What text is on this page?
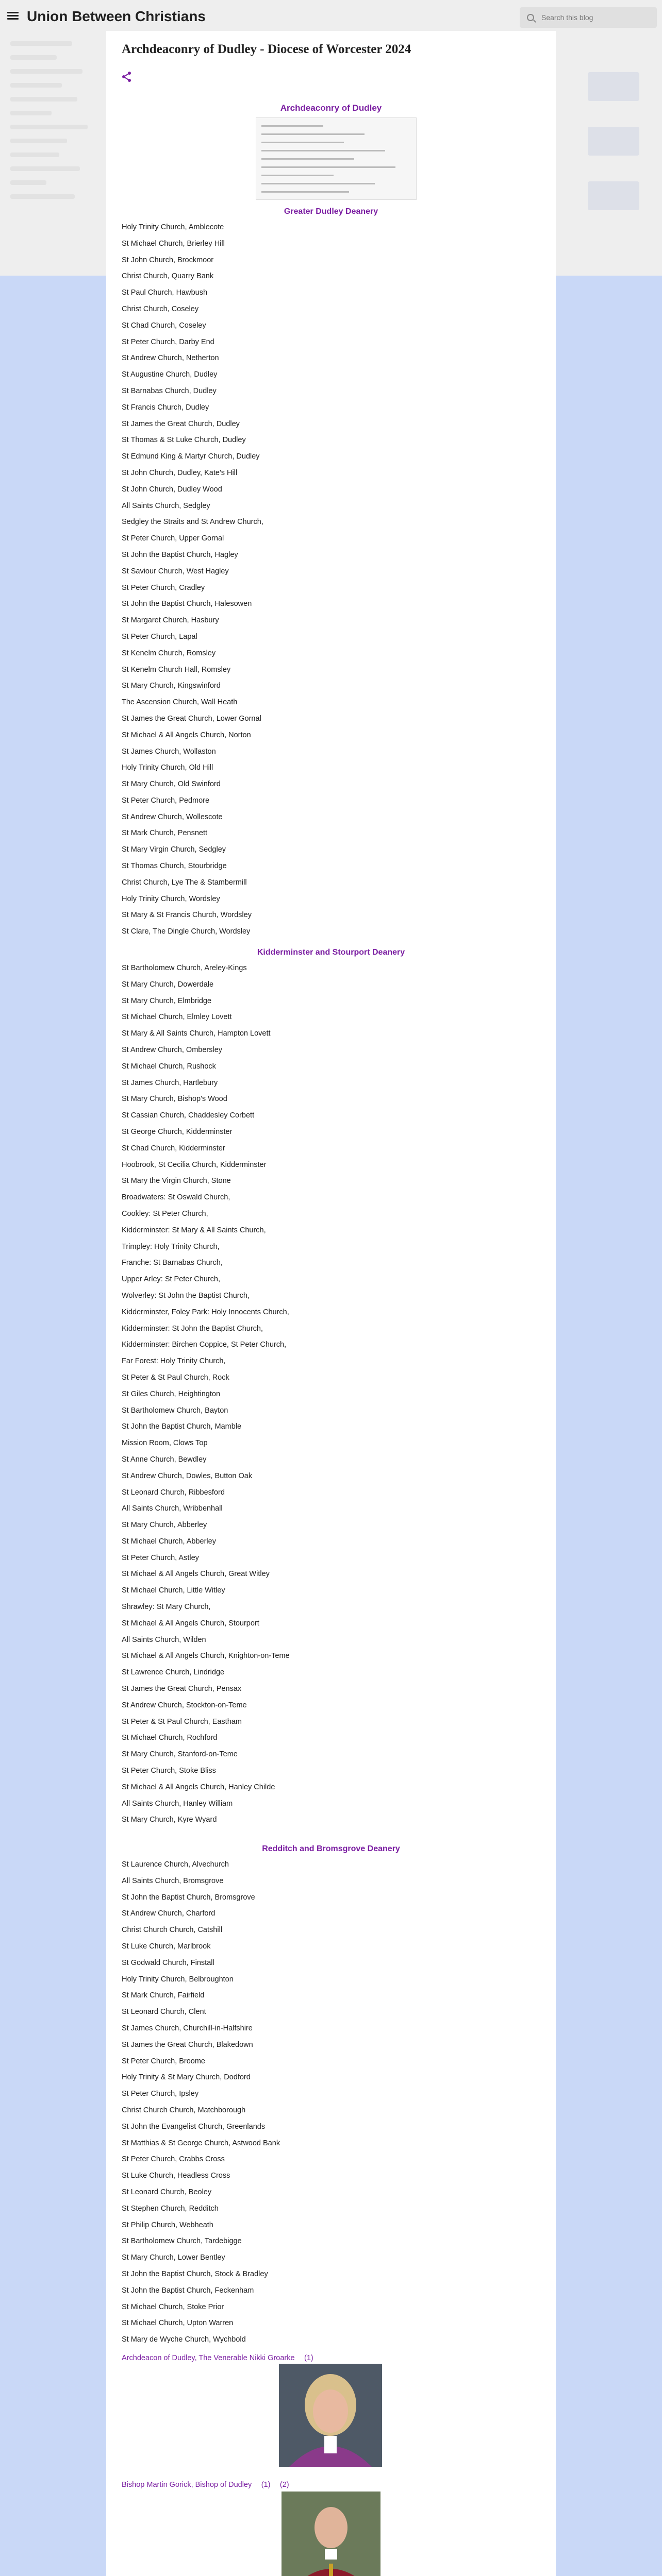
Union Between Christians
Search this blog
Archdeaconry of Dudley - Diocese of Worcester 2024
Archdeaconry of Dudley
Greater Dudley Deanery
Holy Trinity Church, Amblecote
St Michael Church, Brierley Hill
St John Church, Brockmoor
Christ Church, Quarry Bank
St Paul Church, Hawbush
Christ Church, Coseley
St Chad Church, Coseley
St Peter Church, Darby End
St Andrew Church, Netherton
St Augustine Church, Dudley
St Barnabas Church, Dudley
St Francis Church, Dudley
St James the Great Church, Dudley
St Thomas & St Luke Church, Dudley
St Edmund King & Martyr Church, Dudley
St John Church, Dudley, Kate's Hill
St John Church, Dudley Wood
All Saints Church, Sedgley
Sedgley the Straits and St Andrew Church,
St Peter Church, Upper Gornal
St John the Baptist Church, Hagley
St Saviour Church, West Hagley
St Peter Church, Cradley
St John the Baptist Church, Halesowen
St Margaret Church, Hasbury
St Peter Church, Lapal
St Kenelm Church, Romsley
St Kenelm Church Hall, Romsley
St Mary Church, Kingswinford
The Ascension Church, Wall Heath
St James the Great Church, Lower Gornal
St Michael & All Angels Church, Norton
St James Church, Wollaston
Holy Trinity Church, Old Hill
St Mary Church, Old Swinford
St Peter Church, Pedmore
St Andrew Church, Wollescote
St Mark Church, Pensnett
St Mary Virgin Church, Sedgley
St Thomas Church, Stourbridge
Christ Church, Lye The & Stambermill
Holy Trinity Church, Wordsley
St Mary & St Francis Church, Wordsley
St Clare, The Dingle Church, Wordsley
Kidderminster and Stourport Deanery
St Bartholomew Church, Areley-Kings
St Mary Church, Dowerdale
St Mary Church, Elmbridge
St Michael Church, Elmley Lovett
St Mary & All Saints Church, Hampton Lovett
St Andrew Church, Ombersley
St Michael Church, Rushock
St James Church, Hartlebury
St Mary Church, Bishop's Wood
St Cassian Church, Chaddesley Corbett
St George Church, Kidderminster
St Chad Church, Kidderminster
Hoobrook, St Cecilia Church, Kidderminster
St Mary the Virgin Church, Stone
Broadwaters: St Oswald Church,
Cookley: St Peter Church,
Kidderminster: St Mary & All Saints Church,
Trimpley: Holy Trinity Church,
Franche: St Barnabas Church,
Upper Arley: St Peter Church,
Wolverley: St John the Baptist Church,
Kidderminster, Foley Park: Holy Innocents Church,
Kidderminster: St John the Baptist Church,
Kidderminster: Birchen Coppice, St Peter Church,
Far Forest: Holy Trinity Church,
St Peter & St Paul Church, Rock
St Giles Church, Heightington
St Bartholomew Church, Bayton
St John the Baptist Church, Mamble
Mission Room, Clows Top
St Anne Church, Bewdley
St Andrew Church, Dowles, Button Oak
St Leonard Church, Ribbesford
All Saints Church, Wribbenhall
St Mary Church, Abberley
St Michael Church, Abberley
St Peter Church, Astley
St Michael & All Angels Church, Great Witley
St Michael Church, Little Witley
Shrawley: St Mary Church,
St Michael & All Angels Church, Stourport
All Saints Church, Wilden
St Michael & All Angels Church, Knighton-on-Teme
St Lawrence Church, Lindridge
St James the Great Church, Pensax
St Andrew Church, Stockton-on-Teme
St Peter & St Paul Church, Eastham
St Michael Church, Rochford
St Mary Church, Stanford-on-Teme
St Peter Church, Stoke Bliss
St Michael & All Angels Church, Hanley Childe
All Saints Church, Hanley William
St Mary Church, Kyre Wyard
Redditch and Bromsgrove Deanery
St Laurence Church, Alvechurch
All Saints Church, Bromsgrove
St John the Baptist Church, Bromsgrove
St Andrew Church, Charford
Christ Church Church, Catshill
St Luke Church, Marlbrook
St Godwald Church, Finstall
Holy Trinity Church, Belbroughton
St Mark Church, Fairfield
St Leonard Church, Clent
St James Church, Churchill-in-Halfshire
St James the Great Church, Blakedown
St Peter Church, Broome
Holy Trinity & St Mary Church, Dodford
St Peter Church, Ipsley
Christ Church Church, Matchborough
St John the Evangelist Church, Greenlands
St Matthias & St George Church, Astwood Bank
St Peter Church, Crabbs Cross
St Luke Church, Headless Cross
St Leonard Church, Beoley
St Stephen Church, Redditch
St Philip Church, Webheath
St Bartholomew Church, Tardebigge
St Mary Church, Lower Bentley
St John the Baptist Church, Stock & Bradley
St John the Baptist Church, Feckenham
St Michael Church, Stoke Prior
St Michael Church, Upton Warren
St Mary de Wyche Church, Wychbold
Archdeacon of Dudley, The Venerable Nikki Groarke (1)
Bishop Martin Gorick, Bishop of Dudley (1) (2)
